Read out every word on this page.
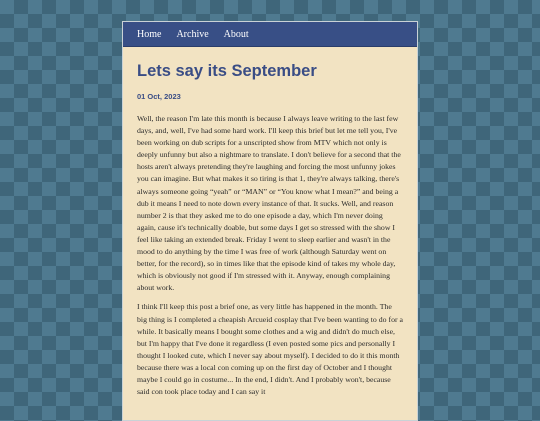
Home Archive About
Lets say its September
01 Oct, 2023

Well, the reason I'm late this month is because I always leave writing to the last few days, and, well, I've had some hard work. I'll keep this brief but let me tell you, I've been working on dub scripts for a unscripted show from MTV which not only is deeply unfunny but also a nightmare to translate. I don't believe for a second that the hosts aren't always pretending they're laughing and forcing the most unfunny jokes you can imagine. But what makes it so tiring is that 1, they're always talking, there's always someone going “yeah” or “MAN” or “You know what I mean?” and being a dub it means I need to note down every instance of that. It sucks. Well, and reason number 2 is that they asked me to do one episode a day, which I'm never doing again, cause it's technically doable, but some days I get so stressed with the show I feel like taking an extended break. Friday I went to sleep earlier and wasn't in the mood to do anything by the time I was free of work (although Saturday went on better, for the record), so in times like that the episode kind of takes my whole day, which is obviously not good if I'm stressed with it. Anyway, enough complaining about work.

I think I'll keep this post a brief one, as very little has happened in the month. The big thing is I completed a cheapish Arcueid cosplay that I've been wanting to do for a while. It basically means I bought some clothes and a wig and didn't do much else, but I'm happy that I've done it regardless (I even posted some pics and personally I thought I looked cute, which I never say about myself). I decided to do it this month because there was a local con coming up on the first day of October and I thought maybe I could go in costume... In the end, I didn't. And I probably won't, because said con took place today and I can say it
